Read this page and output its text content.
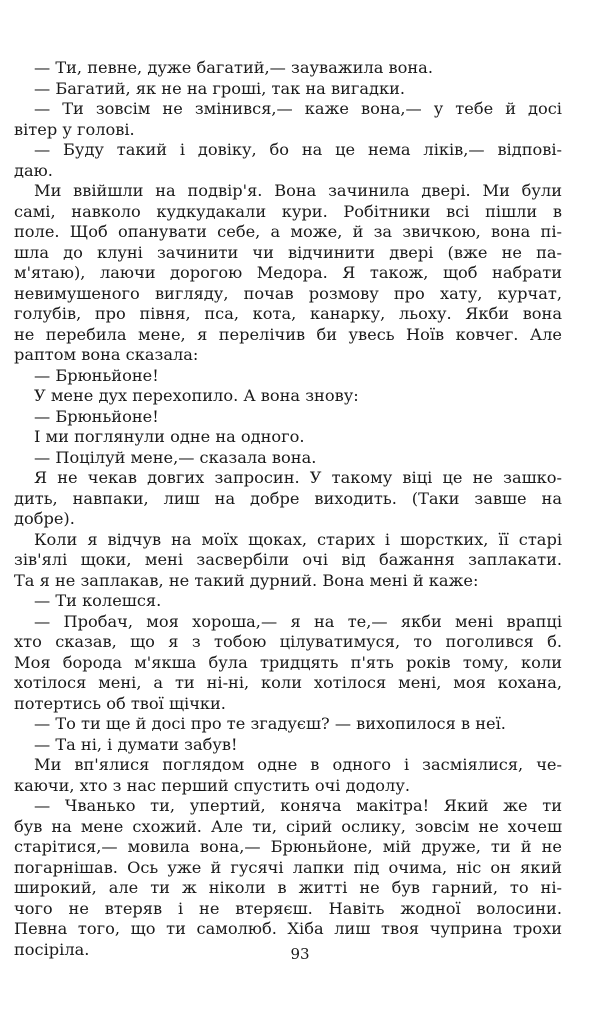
— Ти, певне, дуже багатий,— зауважила вона.
— Багатий, як не на гроші, так на вигадки.
— Ти зовсім не змінився,— каже вона,— у тебе й досі
вітер у голові.
— Буду такий і довіку, бо на це нема ліків,— відпові-
даю.
Ми ввійшли на подвір'я. Вона зачинила двері. Ми були
самі, навколо кудкудакали кури. Робітники всі пішли в
поле. Щоб опанувати себе, а може, й за звичкою, вона пі-
шла до клуні зачинити чи відчинити двері (вже не па-
м'ятаю), лаючи дорогою Медора. Я також, щоб набрати
невимушеного вигляду, почав розмову про хату, курчат,
голубів, про півня, пса, кота, канарку, льоху. Якби вона
не перебила мене, я перелічив би увесь Ноїв ковчег. Але
раптом вона сказала:
— Брюньйоне!
У мене дух перехопило. А вона знову:
— Брюньйоне!
І ми поглянули одне на одного.
— Поцілуй мене,— сказала вона.
Я не чекав довгих запросин. У такому віці це не зашко-
дить, навпаки, лиш на добре виходить. (Таки завше на
добре).
Коли я відчув на моїх щоках, старих і шорстких, її старі
зів'ялі щоки, мені засвербіли очі від бажання заплакати.
Та я не заплакав, не такий дурний. Вона мені й каже:
— Ти колешся.
— Пробач, моя хороша,— я на те,— якби мені врапці
хто сказав, що я з тобою цілуватимуся, то поголився б.
Моя борода м'якша була тридцять п'ять років тому, коли
хотілося мені, а ти ні-ні, коли хотілося мені, моя кохана,
потертись об твої щічки.
— То ти ще й досі про те згадуєш? — вихопилося в неї.
— Та ні, і думати забув!
Ми вп'ялися поглядом одне в одного і засміялися, че-
каючи, хто з нас перший спустить очі додолу.
— Чванько ти, упертий, коняча макітра! Який же ти
був на мене схожий. Але ти, сірий ослику, зовсім не хочеш
старітися,— мовила вона,— Брюньйоне, мій друже, ти й не
погарнішав. Ось уже й гусячі лапки під очима, ніс он який
широкий, але ти ж ніколи в житті не був гарний, то ні-
чого не втеряв і не втеряєш. Навіть жодної волосини.
Певна того, що ти самолюб. Хіба лиш твоя чуприна трохи
посіріла.	93
